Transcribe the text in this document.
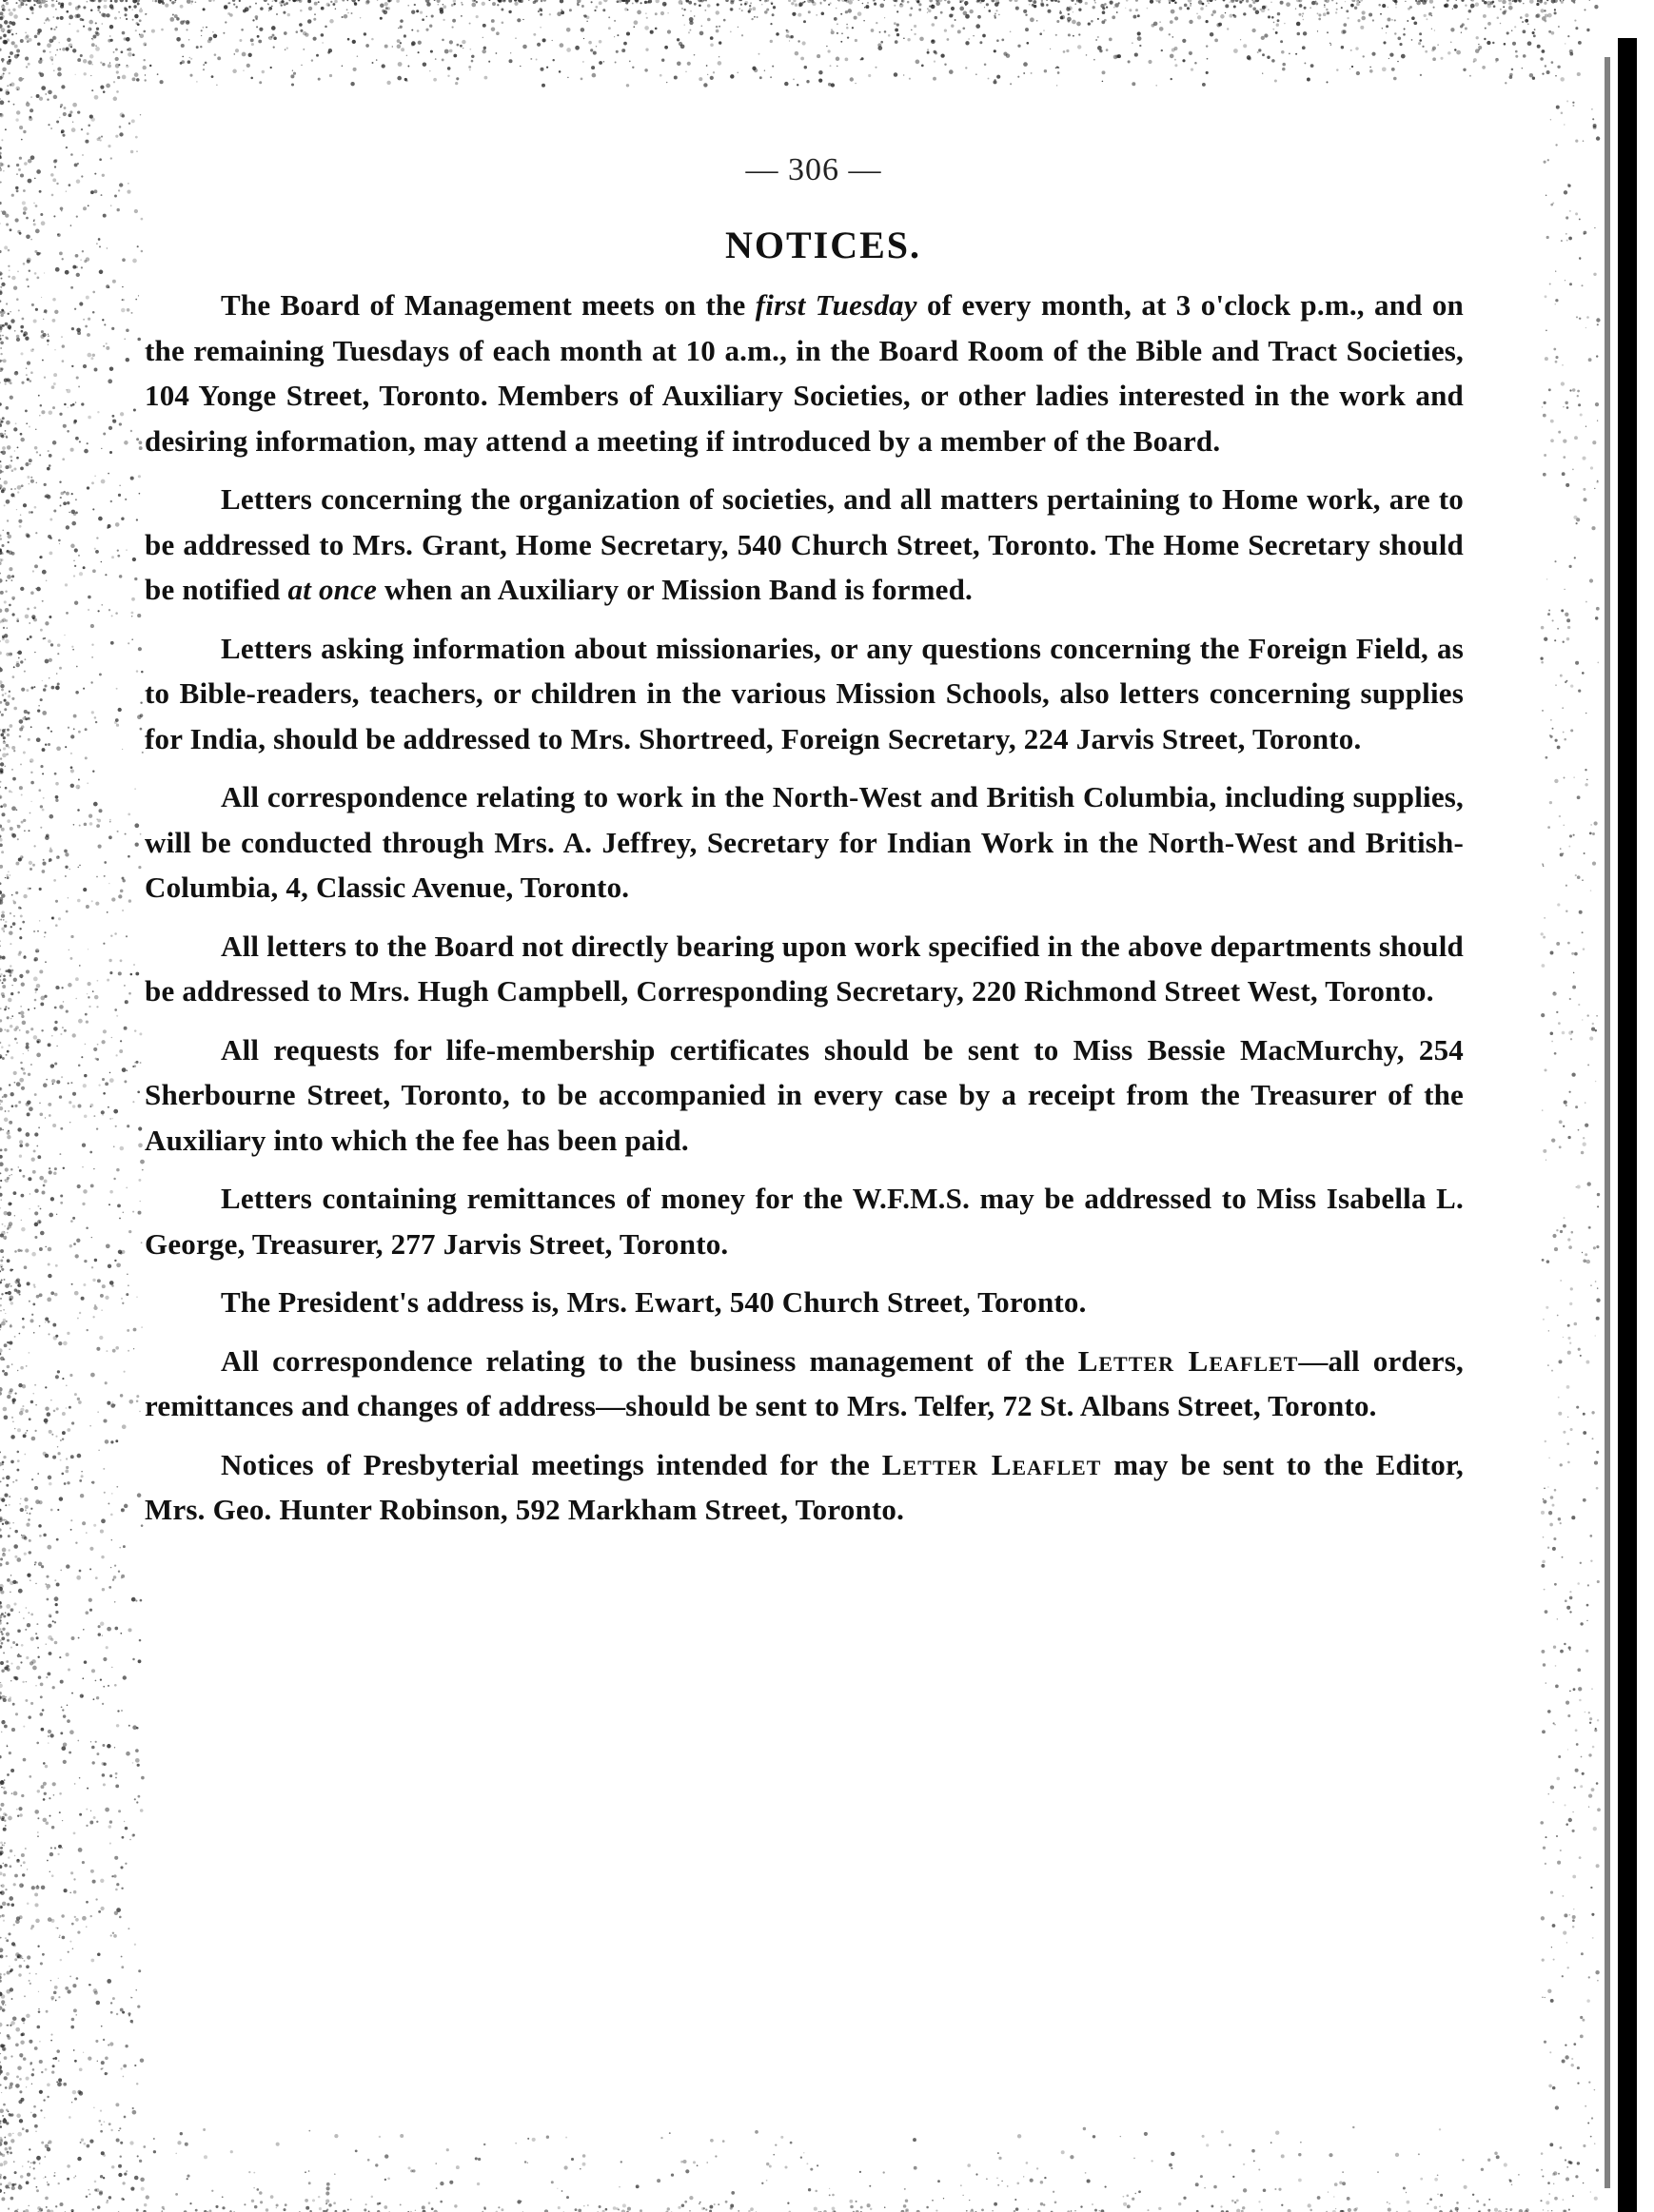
— 306 —
NOTICES.

The Board of Management meets on the first Tuesday of every month, at 3 o'clock p.m., and on the remaining Tuesdays of each month at 10 a.m., in the Board Room of the Bible and Tract Societies, 104 Yonge Street, Toronto. Members of Auxiliary Societies, or other ladies interested in the work and desiring information, may attend a meeting if introduced by a member of the Board.

Letters concerning the organization of societies, and all matters pertaining to Home work, are to be addressed to Mrs. Grant, Home Secretary, 540 Church Street, Toronto. The Home Secretary should be notified at once when an Auxiliary or Mission Band is formed.

Letters asking information about missionaries, or any questions concerning the Foreign Field, as to Bible-readers, teachers, or children in the various Mission Schools, also letters concerning supplies for India, should be addressed to Mrs. Shortreed, Foreign Secretary, 224 Jarvis Street, Toronto.

All correspondence relating to work in the North-West and British Columbia, including supplies, will be conducted through Mrs. A. Jeffrey, Secretary for Indian Work in the North-West and British-Columbia, 4, Classic Avenue, Toronto.

All letters to the Board not directly bearing upon work specified in the above departments should be addressed to Mrs. Hugh Campbell, Corresponding Secretary, 220 Richmond Street West, Toronto.

All requests for life-membership certificates should be sent to Miss Bessie MacMurchy, 254 Sherbourne Street, Toronto, to be accompanied in every case by a receipt from the Treasurer of the Auxiliary into which the fee has been paid.

Letters containing remittances of money for the W.F.M.S. may be addressed to Miss Isabella L. George, Treasurer, 277 Jarvis Street, Toronto.

The President's address is, Mrs. Ewart, 540 Church Street, Toronto.

All correspondence relating to the business management of the Letter Leaflet—all orders, remittances and changes of address—should be sent to Mrs. Telfer, 72 St. Albans Street, Toronto.

Notices of Presbyterial meetings intended for the Letter Leaflet may be sent to the Editor, Mrs. Geo. Hunter Robinson, 592 Markham Street, Toronto.
